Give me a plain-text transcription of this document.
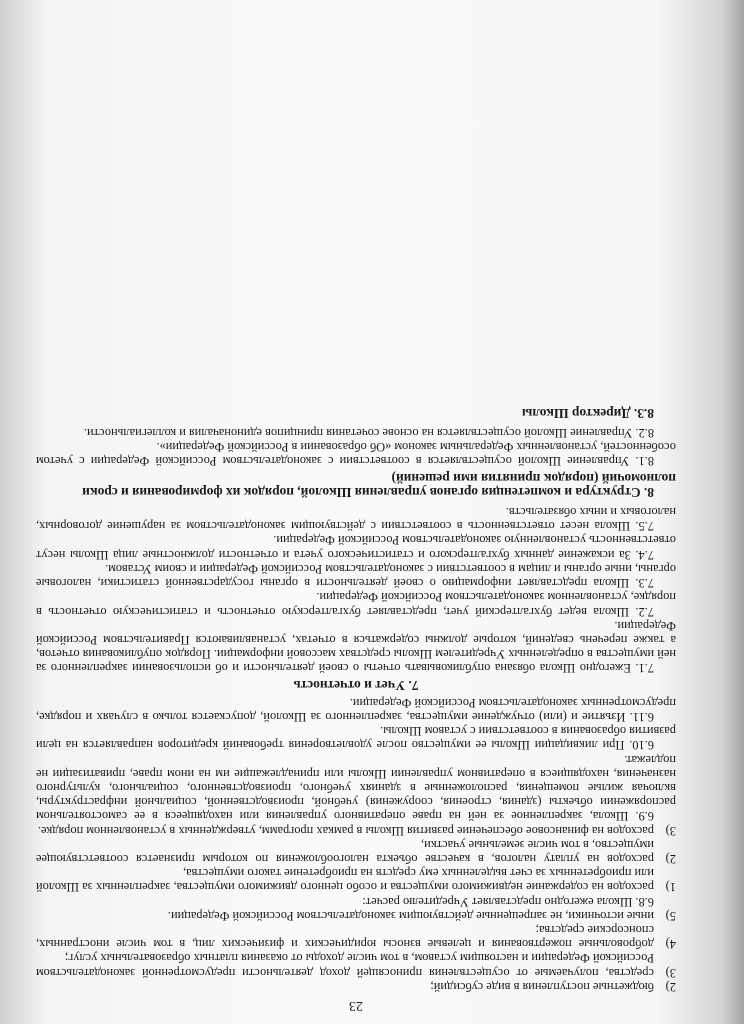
23
2)
бюджетные поступления в виде субсидий;
3)
средства, получаемые от осуществления приносящей доход деятельности предусмотренной законодательством Российской Федерации и настоящим уставом, в том числе доходы от оказания платных образовательных услуг;
4)
добровольные пожертвования и целевые взносы юридических и физических лиц, в том числе иностранных, спонсорские средства;
5)
иные источники, не запрещенные действующим законодательством Российской Федерации.

6.8. Школа ежегодно представляет Учредителю расчет:

1)
расходов на содержание недвижимого имущества и особо ценного движимого имущества, закрепленных за Школой или приобретенных за счет выделенных ему средств на приобретение такого имущества,
2)
расходов на уплату налогов, в качестве объекта налогообложения по которым признается соответствующее имущество, в том числе земельные участки,
3)
расходов на финансовое обеспечение развития Школы в рамках программ, утвержденных в установленном порядке.

6.9. Школа, закрепленное за ней на праве оперативного управления или находящееся в ее самостоятельном распоряжении объекты (здания, строения, сооружения) учебной, производственной, социальной инфраструктуры, включая жилые помещения, расположенные в зданиях учебного, производственного, социального, культурного назначения, находящиеся в оперативном управлении Школы или принадлежащие им на ином праве, приватизации не подлежат.

6.10. При ликвидации Школы ее имущество после удовлетворения требований кредиторов направляется на цели развития образования в соответствии с уставом Школы.

6.11. Изъятие и (или) отчуждение имущества, закрепленного за Школой, допускается только в случаях и порядке, предусмотренных законодательством Российской Федерации.

7. Учет и отчетность

7.1. Ежегодно Школа обязана опубликовывать отчеты о своей деятельности и об использовании закрепленного за ней имущества в определенных Учредителем Школы средствах массовой информации. Порядок опубликования отчетов, а также перечень сведений, которые должны содержаться в отчетах, устанавливаются Правительством Российской Федерации.

7.2. Школа ведет бухгалтерский учет, представляет бухгалтерскую отчетность и статистическую отчетность в порядке, установленном законодательством Российской Федерации.

7.3. Школа представляет информацию о своей деятельности в органы государственной статистики, налоговые органы, иные органы и лицам в соответствии с законодательством Российской Федерации и своим Уставом.

7.4. За искажение данных бухгалтерского и статистического учета и отчетности должностные лица Школы несут ответственность установленную законодательством Российской Федерации.

7.5. Школа несет ответственность в соответствии с действующим законодательством за нарушение договорных, налоговых и иных обязательств.

8. Структура и компетенция органов управления Школой, порядок их формирования и сроки полномочий (порядок принятия ими решений)

8.1. Управление Школой осуществляется в соответствии с законодательством Российской Федерации с учетом особенностей, установленных Федеральным законом «Об образовании в Российской Федерации».

8.2. Управление Школой осуществляется на основе сочетания принципов единоначалия и коллегиальности.

8.3. Директор Школы
